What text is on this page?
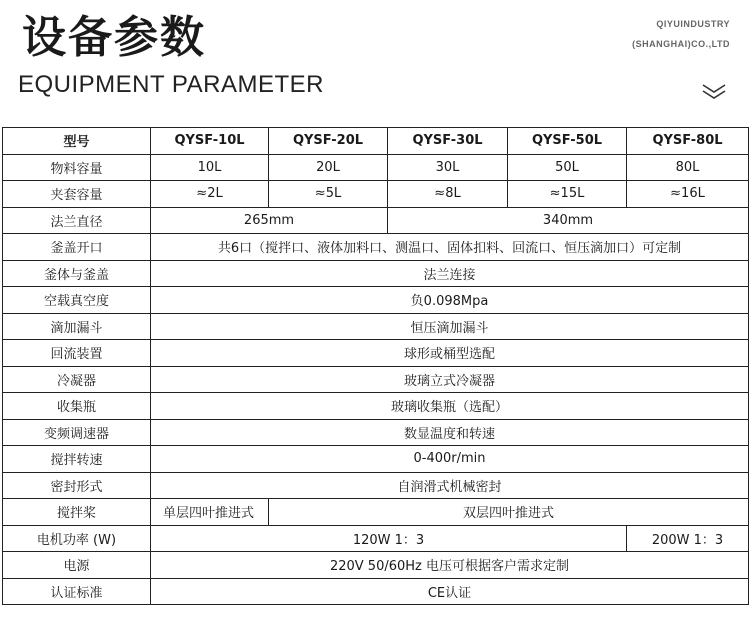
设备参数
EQUIPMENT PARAMETER
QIYUINDUSTRY
(SHANGHAI)CO.,LTD
型号	QYSF-10L	QYSF-20L	QYSF-30L	QYSF-50L	QYSF-80L
物料容量	10L	20L	30L	50L	80L
夹套容量	≈2L	≈5L	≈8L	≈15L	≈16L
法兰直径	265mm		340mm		
釜盖开口	共6口（搅拌口、液体加料口、测温口、固体扣料、回流口、恒压滴加口）可定制				
釜体与釜盖	法兰连接				
空载真空度	负0.098Mpa				
滴加漏斗	恒压滴加漏斗				
回流装置	球形或桶型选配				
冷凝器	玻璃立式冷凝器				
收集瓶	玻璃收集瓶（选配）				
变频调速器	数显温度和转速				
搅拌转速	0-400r/min				
密封形式	自润滑式机械密封				
搅拌桨	单层四叶推进式	双层四叶推进式			
电机功率 (W)	120W 1：3				200W 1：3
电源	220V 50/60Hz 电压可根据客户需求定制				
认证标准	CE认证				
